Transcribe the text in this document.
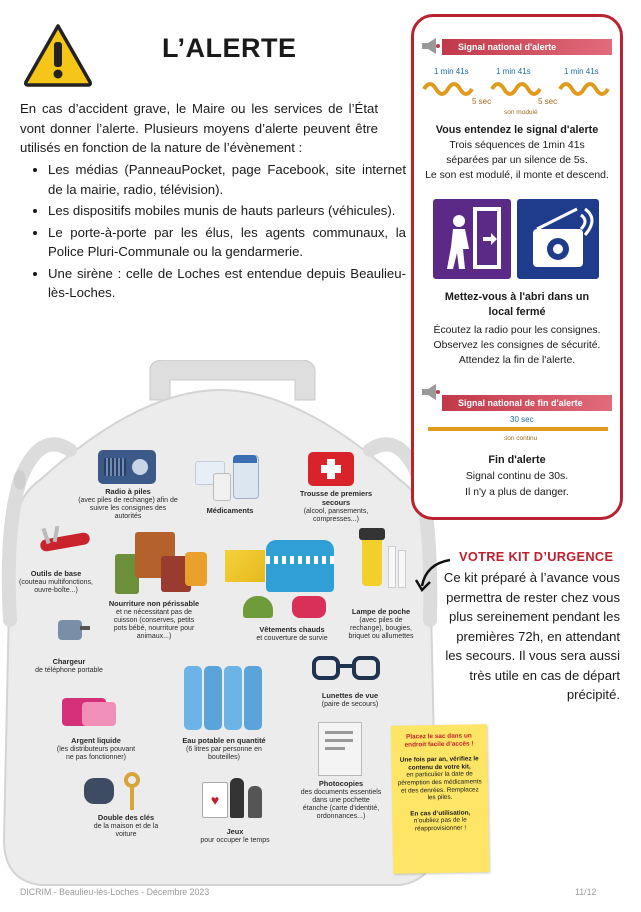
L’ALERTE

En cas d’accident grave, le Maire ou les services de l’État vont donner l’alerte. Plusieurs moyens d’alerte peuvent être utilisés en fonction de la nature de l’évènement :

• Les médias (PanneauPocket, page Facebook, site internet de la mairie, radio, télévision).
• Les dispositifs mobiles munis de hauts parleurs (véhicules).
• Le porte-à-porte par les élus, les agents communaux, la Police Pluri-Communale ou la gendarmerie.
• Une sirène : celle de Loches est entendue depuis Beaulieu-lès-Loches.
♥
Radio à piles
(avec piles de rechange) afin de suivre les consignes des autorités
Médicaments
Trousse de premiers secours
(alcool, pansements, compresses...)
Outils de base
(couteau multifonctions, ouvre-boîte...)
Nourriture non périssable
et ne nécessitant pas de cuisson (conserves, petits pots bébé, nourriture pour animaux...)
Vêtements chauds
et couverture de survie
Lampe de poche
(avec piles de rechange), bougies, briquet ou allumettes
Chargeur
de téléphone portable
Lunettes de vue
(paire de secours)
Argent liquide
(les distributeurs pouvant ne pas fonctionner)
Eau potable en quantité
(6 litres par personne en bouteilles)
Photocopies
des documents essentiels dans une pochette étanche (carte d'identité, ordonnances...)
Double des clés
de la maison et de la voiture	Jeux
pour occuper le temps
Placez le sac dans un endroit facile d’accès !
Une fois par an, vérifiez le contenu de votre kit,
en particulier la date de péremption des médicaments et des denrées. Remplacez les piles.
En cas d’utilisation,
n’oubliez pas de le réapprovisionner !
Signal national d'alerte
1 min 41s	1 min 41s	1 min 41s
5 sec	5 sec
son modulé
Vous entendez le signal d'alerte
Trois séquences de 1min 41s
séparées par un silence de 5s.
Le son est modulé, il monte et descend.
Mettez-vous à l'abri dans un local fermé
Écoutez la radio pour les consignes.
Observez les consignes de sécurité.
Attendez la fin de l'alerte.
Signal national de fin d'alerte
30 sec
son continu
Fin d'alerte
Signal continu de 30s.
Il n'y a plus de danger.
VOTRE KIT D’URGENCE

Ce kit préparé à l’avance vous permettra de rester chez vous plus sereinement pendant les premières 72h, en attendant les secours. Il vous sera aussi très utile en cas de départ précipité.

DICRIM - Beaulieu-lès-Loches - Décembre 2023	11/12
